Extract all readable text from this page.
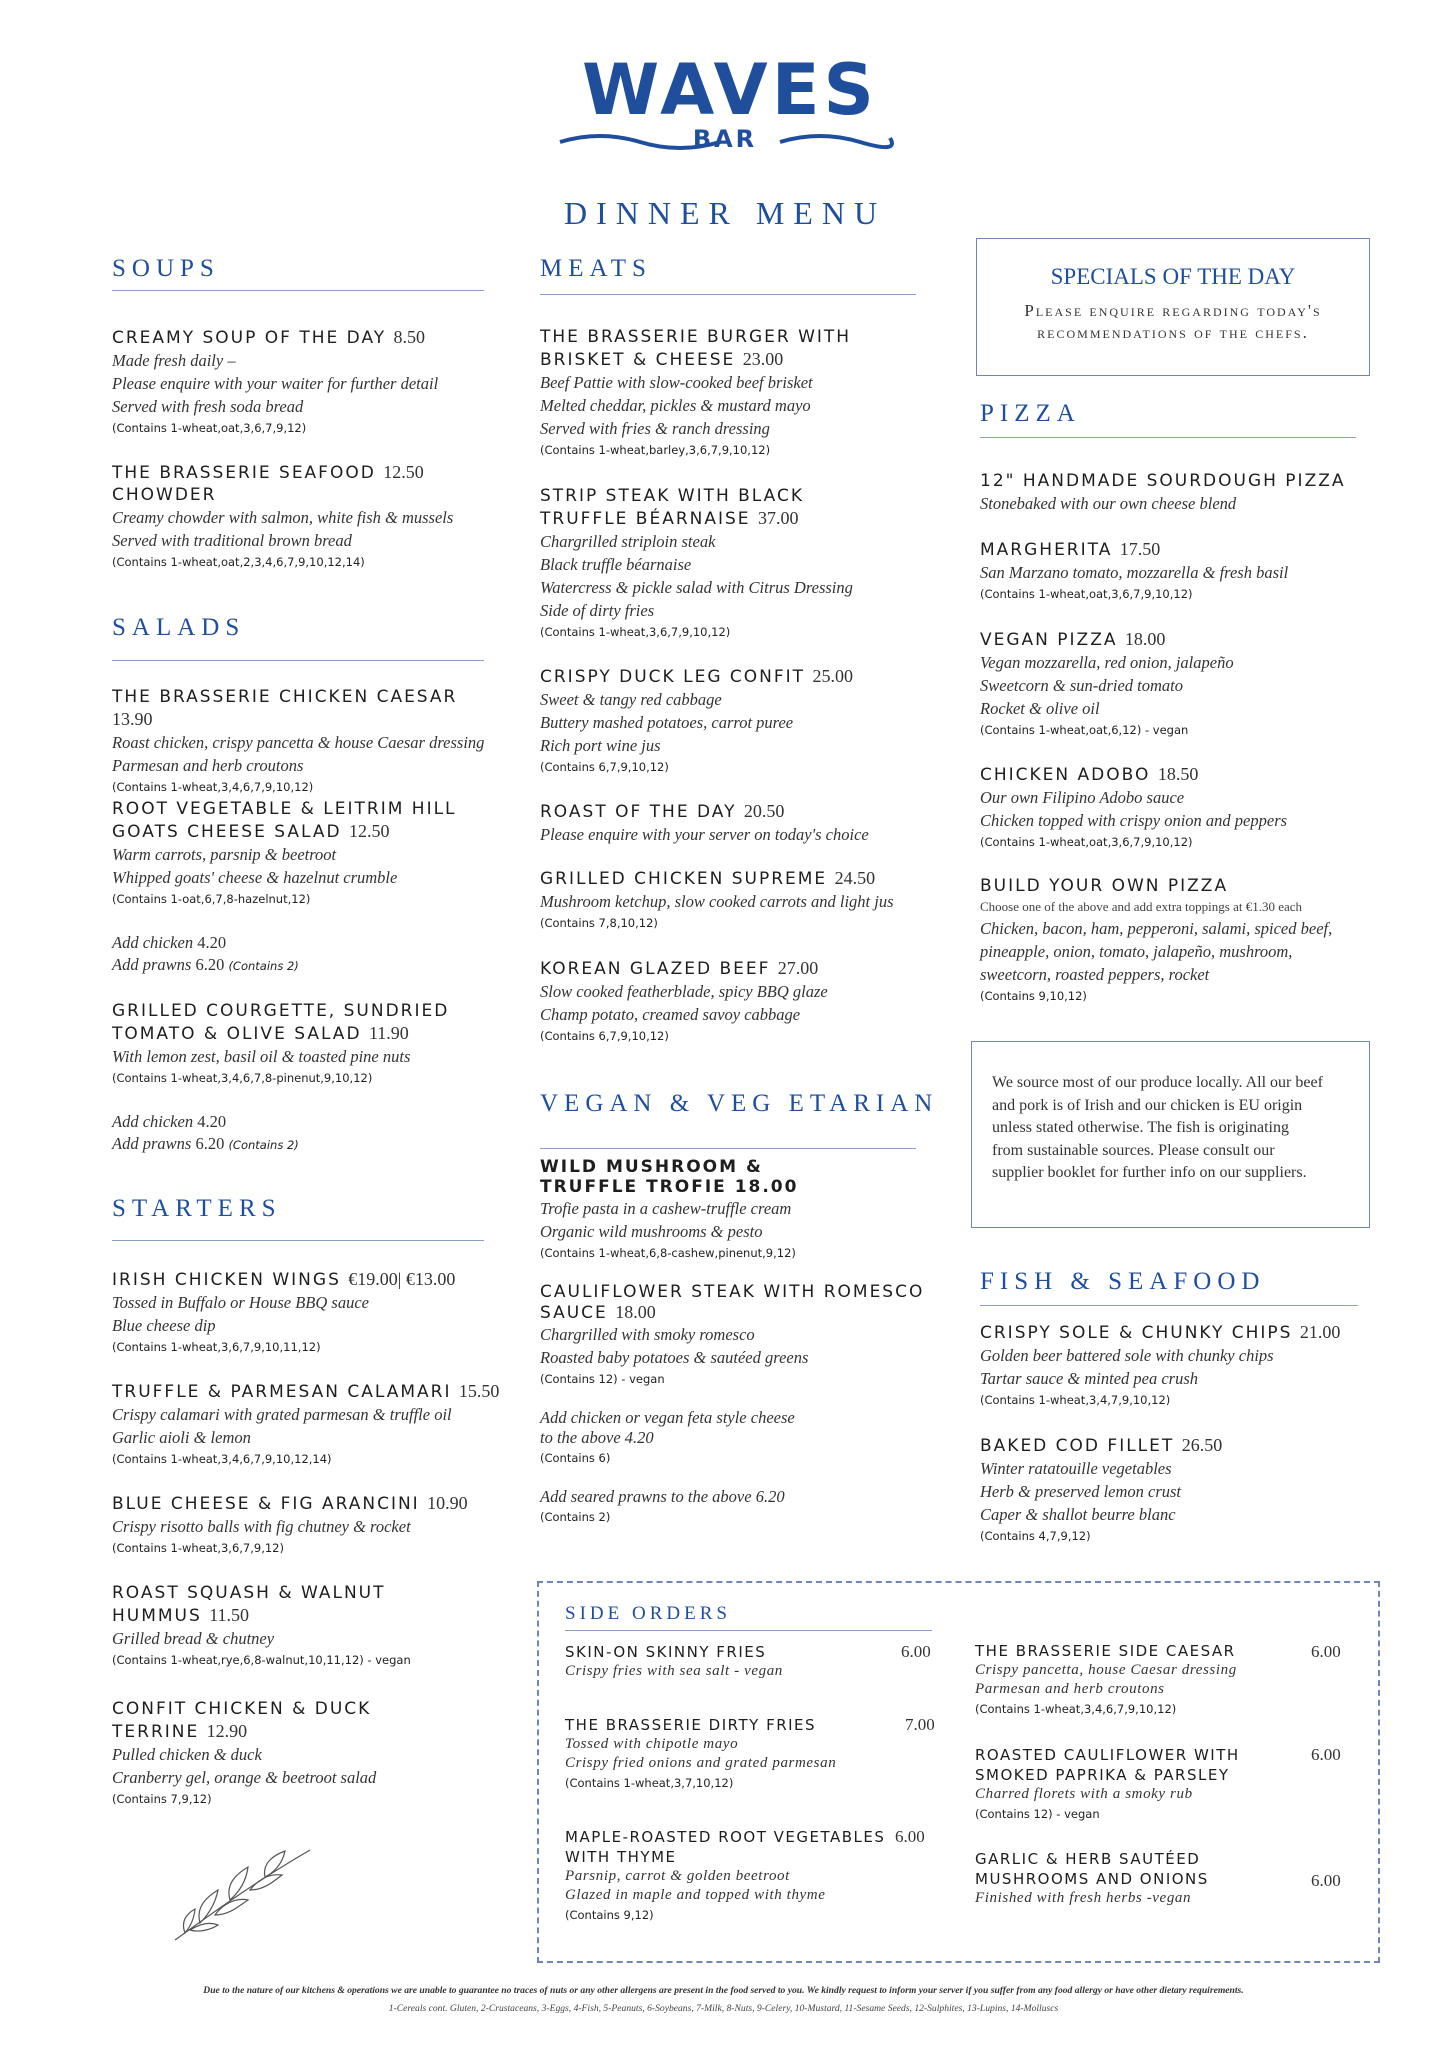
WAVES
BAR
DINNER MENU
SOUPS
CREAMY SOUP OF THE DAY 8.50
Made fresh daily –
Please enquire with your waiter for further detail
Served with fresh soda bread
(Contains 1-wheat,oat,3,6,7,9,12)
THE BRASSERIE SEAFOOD 12.50
CHOWDER
Creamy chowder with salmon, white fish & mussels
Served with traditional brown bread
(Contains 1-wheat,oat,2,3,4,6,7,9,10,12,14)
SALADS
THE BRASSERIE CHICKEN CAESAR 13.90
Roast chicken, crispy pancetta & house Caesar dressing
Parmesan and herb croutons
(Contains 1-wheat,3,4,6,7,9,10,12)
ROOT VEGETABLE & LEITRIM HILL
GOATS CHEESE SALAD 12.50
Warm carrots, parsnip & beetroot
Whipped goats' cheese & hazelnut crumble
(Contains 1-oat,6,7,8-hazelnut,12)
Add chicken 4.20
Add prawns 6.20 (Contains 2)
GRILLED COURGETTE, SUNDRIED
TOMATO & OLIVE SALAD 11.90
With lemon zest, basil oil & toasted pine nuts
(Contains 1-wheat,3,4,6,7,8-pinenut,9,10,12)
Add chicken 4.20
Add prawns 6.20 (Contains 2)
STARTERS
IRISH CHICKEN WINGS €19.00| €13.00
Tossed in Buffalo or House BBQ sauce
Blue cheese dip
(Contains 1-wheat,3,6,7,9,10,11,12)
TRUFFLE & PARMESAN CALAMARI 15.50
Crispy calamari with grated parmesan & truffle oil
Garlic aioli & lemon
(Contains 1-wheat,3,4,6,7,9,10,12,14)
BLUE CHEESE & FIG ARANCINI 10.90
Crispy risotto balls with fig chutney & rocket
(Contains 1-wheat,3,6,7,9,12)
ROAST SQUASH & WALNUT
HUMMUS 11.50
Grilled bread & chutney
(Contains 1-wheat,rye,6,8-walnut,10,11,12) - vegan
CONFIT CHICKEN & DUCK
TERRINE 12.90
Pulled chicken & duck
Cranberry gel, orange & beetroot salad
(Contains 7,9,12)
MEATS
THE BRASSERIE BURGER WITH
BRISKET & CHEESE 23.00
Beef Pattie with slow-cooked beef brisket
Melted cheddar, pickles & mustard mayo
Served with fries & ranch dressing
(Contains 1-wheat,barley,3,6,7,9,10,12)
STRIP STEAK WITH BLACK
TRUFFLE BÉARNAISE 37.00
Chargrilled striploin steak
Black truffle béarnaise
Watercress & pickle salad with Citrus Dressing
Side of dirty fries
(Contains 1-wheat,3,6,7,9,10,12)
CRISPY DUCK LEG CONFIT 25.00
Sweet & tangy red cabbage
Buttery mashed potatoes, carrot puree
Rich port wine jus
(Contains 6,7,9,10,12)
ROAST OF THE DAY 20.50
Please enquire with your server on today's choice
GRILLED CHICKEN SUPREME 24.50
Mushroom ketchup, slow cooked carrots and light jus
(Contains 7,8,10,12)
KOREAN GLAZED BEEF 27.00
Slow cooked featherblade, spicy BBQ glaze
Champ potato, creamed savoy cabbage
(Contains 6,7,9,10,12)
VEGAN & VEG ETARIAN
WILD MUSHROOM &
TRUFFLE TROFIE 18.00
Trofie pasta in a cashew-truffle cream
Organic wild mushrooms & pesto
(Contains 1-wheat,6,8-cashew,pinenut,9,12)
CAULIFLOWER STEAK WITH ROMESCO
SAUCE 18.00
Chargrilled with smoky romesco
Roasted baby potatoes & sautéed greens
(Contains 12) - vegan
Add chicken or vegan feta style cheese
to the above 4.20
(Contains 6)
Add seared prawns to the above 6.20
(Contains 2)
SPECIALS OF THE DAY
Please enquire regarding today's
recommendations of the chefs.
PIZZA
12" HANDMADE SOURDOUGH PIZZA
Stonebaked with our own cheese blend
MARGHERITA 17.50
San Marzano tomato, mozzarella & fresh basil
(Contains 1-wheat,oat,3,6,7,9,10,12)
VEGAN PIZZA 18.00
Vegan mozzarella, red onion, jalapeño
Sweetcorn & sun-dried tomato
Rocket & olive oil
(Contains 1-wheat,oat,6,12) - vegan
CHICKEN ADOBO 18.50
Our own Filipino Adobo sauce
Chicken topped with crispy onion and peppers
(Contains 1-wheat,oat,3,6,7,9,10,12)
BUILD YOUR OWN PIZZA
Choose one of the above and add extra toppings at €1.30 each
Chicken, bacon, ham, pepperoni, salami, spiced beef,
pineapple, onion, tomato, jalapeño, mushroom,
sweetcorn, roasted peppers, rocket
(Contains 9,10,12)
We source most of our produce locally. All our beef
and pork is of Irish and our chicken is EU origin
unless stated otherwise. The fish is originating
from sustainable sources. Please consult our
supplier booklet for further info on our suppliers.
FISH & SEAFOOD
CRISPY SOLE & CHUNKY CHIPS 21.00
Golden beer battered sole with chunky chips
Tartar sauce & minted pea crush
(Contains 1-wheat,3,4,7,9,10,12)
BAKED COD FILLET 26.50
Winter ratatouille vegetables
Herb & preserved lemon crust
Caper & shallot beurre blanc
(Contains 4,7,9,12)
SIDE ORDERS
SKIN-ON SKINNY FRIES
Crispy fries with sea salt - vegan
6.00
THE BRASSERIE DIRTY FRIES
Tossed with chipotle mayo
Crispy fried onions and grated parmesan
(Contains 1-wheat,3,7,10,12)
7.00
MAPLE-ROASTED ROOT VEGETABLES
WITH THYME
Parsnip, carrot & golden beetroot
Glazed in maple and topped with thyme
(Contains 9,12)
6.00
THE BRASSERIE SIDE CAESAR
Crispy pancetta, house Caesar dressing
Parmesan and herb croutons
(Contains 1-wheat,3,4,6,7,9,10,12)
6.00
ROASTED CAULIFLOWER WITH
SMOKED PAPRIKA & PARSLEY
Charred florets with a smoky rub
(Contains 12) - vegan
6.00
GARLIC & HERB SAUTÉED
MUSHROOMS AND ONIONS
Finished with fresh herbs -vegan
6.00
Due to the nature of our kitchens & operations we are unable to guarantee no traces of nuts or any other allergens are present in the food served to you. We kindly request to inform your server if you suffer from any food allergy or have other dietary requirements.
1-Cereals cont. Gluten, 2-Crustaceans, 3-Eggs, 4-Fish, 5-Peanuts, 6-Soybeans, 7-Milk, 8-Nuts, 9-Celery, 10-Mustard, 11-Sesame Seeds, 12-Sulphites, 13-Lupins, 14-Molluscs
